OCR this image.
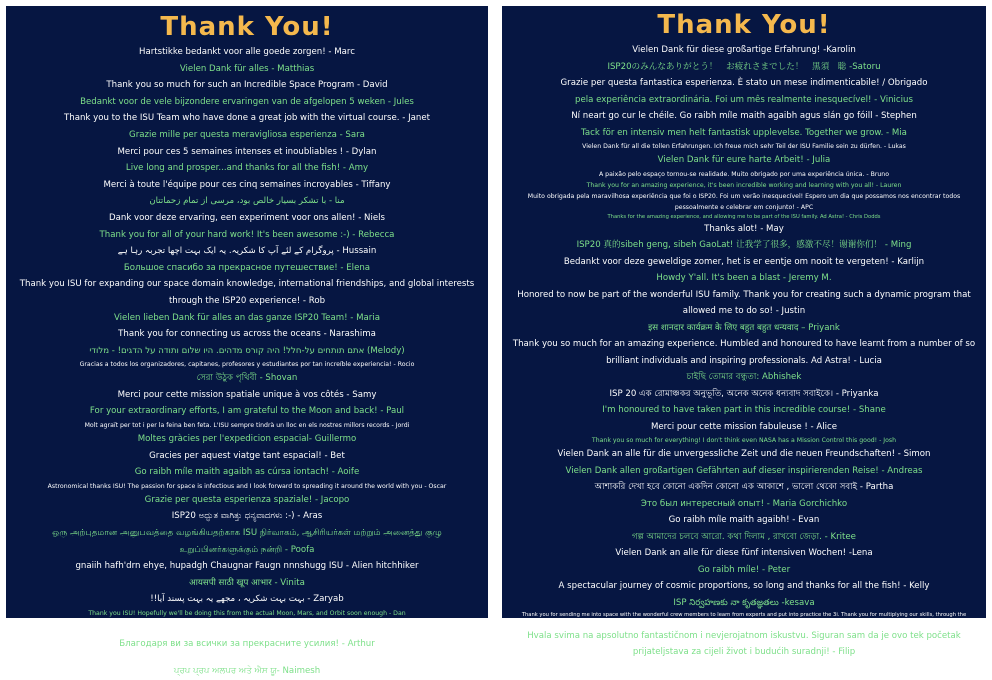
Thank You!

Hartstikke bedankt voor alle goede zorgen! - Marc

Vielen Dank für alles - Matthias

Thank you so much for such an Incredible Space Program - David

Bedankt voor de vele bijzondere ervaringen van de afgelopen 5 weken - Jules

Thank you to the ISU Team who have done a great job with the virtual course. - Janet

Grazie mille per questa meravigliosa esperienza - Sara

Merci pour ces 5 semaines intenses et inoubliables ! - Dylan

Live long and prosper...and thanks for all the fish! - Amy

Merci à toute l'équipe pour ces cinq semaines incroyables - Tiffany

منا - با تشکر بسیار خالص بود، مرسی از تمام زحماتتان

Dank voor deze ervaring, een experiment voor ons allen! - Niels

Thank you for all of your hard work! It's been awesome :-) - Rebecca

پروگرام کے لئے آپ کا شکریہ. یہ ایک بہت اچھا تجربہ رہا ہے - Hussain

Большое спасибо за прекрасное путешествие! - Elena

Thank you ISU for expanding our space domain knowledge, international friendships, and global interests through the ISP20 experience! - Rob

Vielen lieben Dank für alles an das ganze ISP20 Team! - Maria

Thank you for connecting us across the oceans - Narashima

אתם תותחים על-חלל! היה קורס מדהים. היו שלום ותודה על הדגים! - מלודי (Melody)

Gracias a todos los organizadores, capitanes, profesores y estudiantes por tan increíble experiencia! - Rocio

সেরা উঠুক পৃথিবী - Shovan

Merci pour cette mission spatiale unique à vos côtés - Samy

For your extraordinary efforts, I am grateful to the Moon and back! - Paul

Molt agraït per tot i per la feina ben feta. L'ISU sempre tindrà un lloc en els nostres millors records - Jordi

Moltes gràcies per l'expedicion espacial- Guillermo

Gracies per aquest viatge tant espacial! - Bet

Go raibh míle maith agaibh as cúrsa iontach! - Aoife

Astronomical thanks ISU! The passion for space is infectious and I look forward to spreading it around the world with you - Oscar

Grazie per questa esperienza spaziale! - Jacopo

ISP20 ಅದ್ಭುತ ವಾಗಿತ್ತು ಧನ್ಯವಾದಗಳು :-) - Aras

ஒரு அற்புதமான அனுபவத்தை வழங்கியதற்காக ISU நிர்வாகம், ஆசிரியர்கள் மற்றும் அனைத்து குழு உறுப்பினர்களுக்கும் நன்றி - Poofa

gnaiih hafh'drn ehye, hupadgh Chaugnar Faugn nnnshugg ISU - Alien hitchhiker

आयसपी साठी खूप आभार - Vinita

!!بہت بہت شکریہ ، مجھے یہ بہت پسند آیا - Zaryab

Thank you ISU! Hopefully we'll be doing this from the actual Moon, Mars, and Orbit soon enough - Dan

Hartelijk bedankt voor de boeiende weken en het verrassende programma! - Jan

Благодаря ви за всички за прекрасните усилия! - Arthur

Thank you for this great journey, I hope we will all meet in space one day. Merci. ありがとう thank you. - Tamir

ਪ੍ਰਪ ਪ੍ਰਪ ਅਲਪਰ ਅਤੇ ਐਸ ਯੂ- Naimesh

Thank You!

Vielen Dank für diese großartige Erfahrung! -Karolin

ISP20のみんなありがとう！　お疲れさまでした！　黒須　聡 -Satoru

Grazie per questa fantastica esperienza. È stato un mese indimenticabile! / Obrigado

pela experiência extraordinária. Foi um mês realmente inesquecível! - Vinicius

Ní neart go cur le chéile. Go raibh míle maith agaibh agus slán go fóill - Stephen

Tack för en intensiv men helt fantastisk upplevelse. Together we grow. - Mia

Vielen Dank für all die tollen Erfahrungen. Ich freue mich sehr Teil der ISU Familie sein zu dürfen. - Lukas

Vielen Dank für eure harte Arbeit! - Julia

A paixão pelo espaço tornou-se realidade. Muito obrigado por uma experiência única. - Bruno

Thank you for an amazing experience, it's been incredible working and learning with you all! - Lauren

Muito obrigada pela maravilhosa experiência que foi o ISP20. Foi um verão inesquecível! Espero um dia que possamos nos encontrar todos pessoalmente e celebrar em conjunto! - APC

Thanks for the amazing experience, and allowing me to be part of the ISU family. Ad Astra! - Chris Dodds

Thanks alot! - May

ISP20 真的sibeh geng, sibeh GaoLat! 让我学了很多，感激不尽！谢谢你们！ - Ming

Bedankt voor deze geweldige zomer, het is er eentje om nooit te vergeten! - Karlijn

Howdy Y'all. It's been a blast - Jeremy M.

Honored to now be part of the wonderful ISU family. Thank you for creating such a dynamic program that allowed me to do so! - Justin

इस शानदार कार्यक्रम के लिए बहुत बहुत धन्यवाद – Priyank

Thank you so much for an amazing experience. Humbled and honoured to have learnt from a number of so brilliant individuals and inspiring professionals. Ad Astra! - Lucia

চাইছি তোমার বন্ধুতা: Abhishek

ISP 20 এক রোমাঞ্চকর অনুভূতি, অনেক অনেক ধন্যবাদ সবাইকে। - Priyanka

I'm honoured to have taken part in this incredible course! - Shane

Merci pour cette mission fabuleuse ! - Alice

Thank you so much for everything! I don't think even NASA has a Mission Control this good! - Josh

Vielen Dank an alle für die unvergessliche Zeit und die neuen Freundschaften! - Simon

Vielen Dank allen großartigen Gefährten auf dieser inspirierenden Reise! - Andreas

আশাকরি দেখা হবে কোনো একদিন কোনো এক আকাশে , ভালো থেকো সবাই - Partha

Это был интересный опыт! - Maria Gorchichko

Go raibh míle maith agaibh! - Evan

গল্প আমাদের চলবে আরো. কথা দিলাম , রাখবো জেড়া. - Kritee

Vielen Dank an alle für diese fünf intensiven Wochen! -Lena

Go raibh míle! - Peter

A spectacular journey of cosmic proportions, so long and thanks for all the fish! - Kelly

ISP నిర్వహణకు నా కృతజ్ఞతలు -kesava

Thank you for sending me into space with the wonderful crew members to learn from experts and put into practice the 3i. Thank you for multiplying our skills, through the inspirational talks and the thought-provoking workshops. Thank you for the generous and kind support offered by ISU Staff. - Emily

Hvala svima na apsolutno fantastičnom i nevjerojatnom iskustvu. Siguran sam da je ovo tek početak prijateljstava za cijeli život i budućih suradnji! - Filip
